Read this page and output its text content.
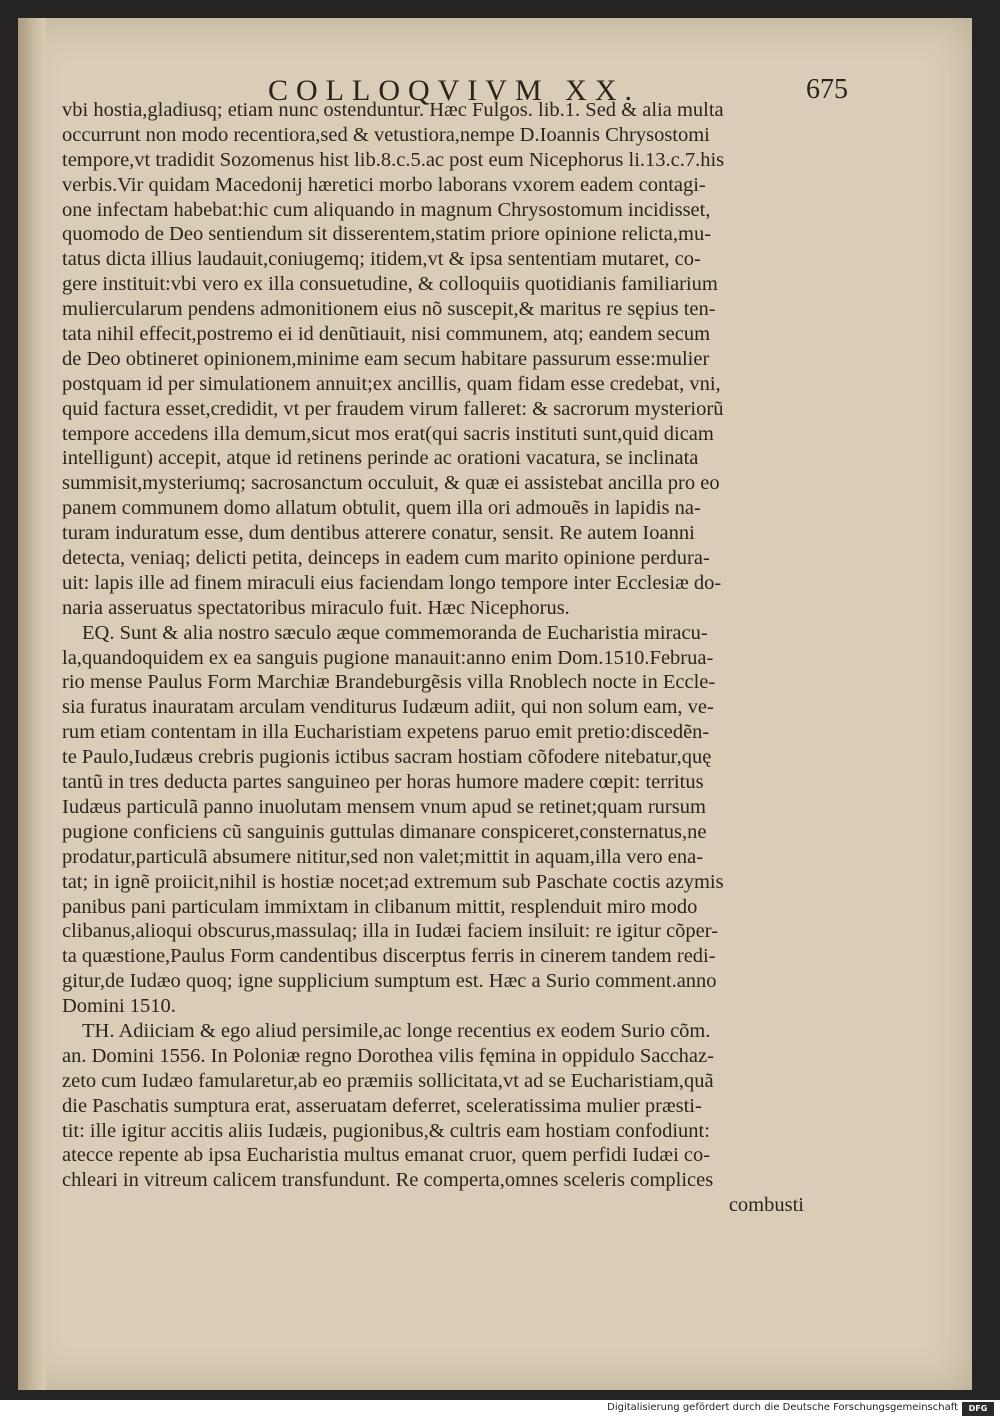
COLLOQVIVM XX.	675
vbi hostia,gladiusq; etiam nunc ostenduntur. Hæc Fulgos. lib.1. Sed & alia multa
occurrunt non modo recentiora,sed & vetustiora,nempe D.Ioannis Chrysostomi
tempore,vt tradidit Sozomenus hist lib.8.c.5.ac post eum Nicephorus li.13.c.7.his
verbis.Vir quidam Macedonij hæretici morbo laborans vxorem eadem contagi-
one infectam habebat:hic cum aliquando in magnum Chrysostomum incidisset,
quomodo de Deo sentiendum sit disserentem,statim priore opinione relicta,mu-
tatus dicta illius laudauit,coniugemq; itidem,vt & ipsa sententiam mutaret, co-
gere instituit:vbi vero ex illa consuetudine, & colloquiis quotidianis familiarium
muliercularum pendens admonitionem eius nõ suscepit,& maritus re sępius ten-
tata nihil effecit,postremo ei id denũtiauit, nisi communem, atq; eandem secum
de Deo obtineret opinionem,minime eam secum habitare passurum esse:mulier
postquam id per simulationem annuit;ex ancillis, quam fidam esse credebat, vni,
quid factura esset,credidit, vt per fraudem virum falleret: & sacrorum mysteriorũ
tempore accedens illa demum,sicut mos erat(qui sacris instituti sunt,quid dicam
intelligunt) accepit, atque id retinens perinde ac orationi vacatura, se inclinata
summisit,mysteriumq; sacrosanctum occuluit, & quæ ei assistebat ancilla pro eo
panem communem domo allatum obtulit, quem illa ori admouẽs in lapidis na-
turam induratum esse, dum dentibus atterere conatur, sensit. Re autem Ioanni
detecta, veniaq; delicti petita, deinceps in eadem cum marito opinione perdura-
uit: lapis ille ad finem miraculi eius faciendam longo tempore inter Ecclesiæ do-
naria asseruatus spectatoribus miraculo fuit. Hæc Nicephorus.
EQ. Sunt & alia nostro sæculo æque commemoranda de Eucharistia miracu-
la,quandoquidem ex ea sanguis pugione manauit:anno enim Dom.1510.Februa-
rio mense Paulus Form Marchiæ Brandeburgẽsis villa Rnoblech nocte in Eccle-
sia furatus inauratam arculam venditurus Iudæum adiit, qui non solum eam, ve-
rum etiam contentam in illa Eucharistiam expetens paruo emit pretio:discedẽn-
te Paulo,Iudæus crebris pugionis ictibus sacram hostiam cõfodere nitebatur,quę
tantũ in tres deducta partes sanguineo per horas humore madere cœpit: territus
Iudæus particulã panno inuolutam mensem vnum apud se retinet;quam rursum
pugione conficiens cũ sanguinis guttulas dimanare conspiceret,consternatus,ne
prodatur,particulã absumere nititur,sed non valet;mittit in aquam,illa vero ena-
tat; in ignẽ proiicit,nihil is hostiæ nocet;ad extremum sub Paschate coctis azymis
panibus pani particulam immixtam in clibanum mittit, resplenduit miro modo
clibanus,alioqui obscurus,massulaq; illa in Iudæi faciem insiluit: re igitur cõper-
ta quæstione,Paulus Form candentibus discerptus ferris in cinerem tandem redi-
gitur,de Iudæo quoq; igne supplicium sumptum est. Hæc a Surio comment.anno
Domini 1510.
TH. Adiiciam & ego aliud persimile,ac longe recentius ex eodem Surio cõm.
an. Domini 1556. In Poloniæ regno Dorothea vilis fęmina in oppidulo Sacchaz-
zeto cum Iudæo famularetur,ab eo præmiis sollicitata,vt ad se Eucharistiam,quã
die Paschatis sumptura erat, asseruatam deferret, sceleratissima mulier præsti-
tit: ille igitur accitis aliis Iudæis, pugionibus,& cultris eam hostiam confodiunt:
atecce repente ab ipsa Eucharistia multus emanat cruor, quem perfidi Iudæi co-
chleari in vitreum calicem transfundunt. Re comperta,omnes sceleris complices
combusti
Digitalisierung gefördert durch die Deutsche Forschungsgemeinschaft	DFG
